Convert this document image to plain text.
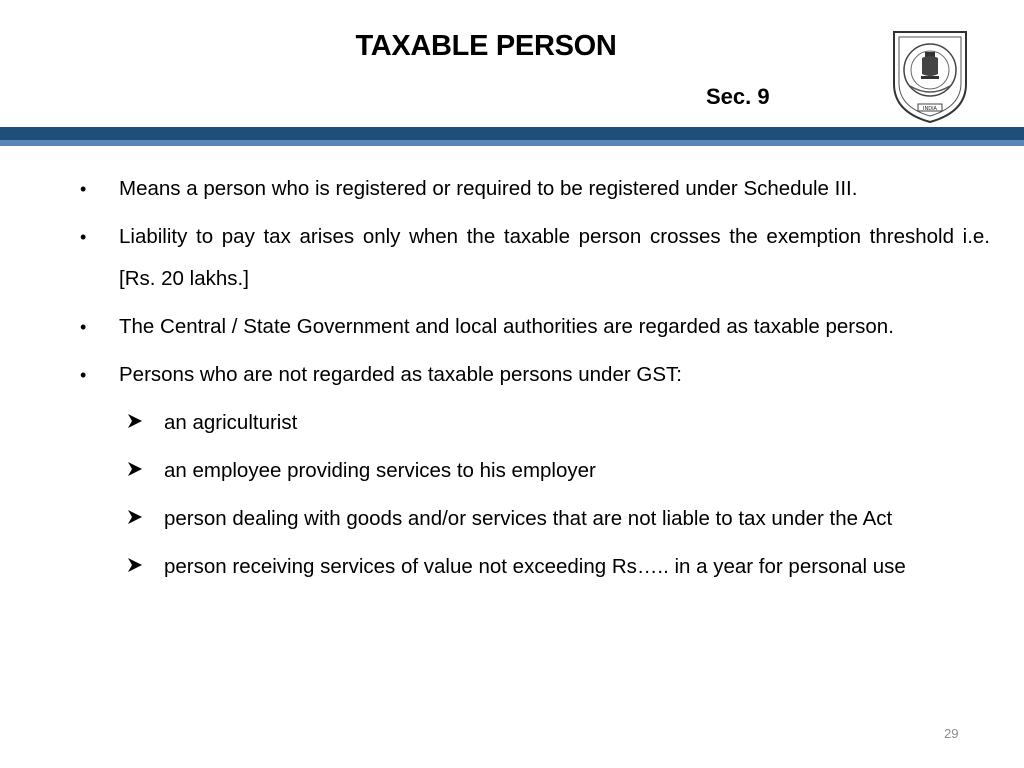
TAXABLE PERSON
Sec. 9	INDIA
• Means a person who is registered or required to be registered under Schedule III.
• Liability to pay tax arises only when the taxable person crosses the exemption threshold i.e. [Rs. 20 lakhs.]
• The Central / State Government and local authorities are regarded as taxable person.
• Persons who are not regarded as taxable persons under GST:
an agriculturist
an employee providing services to his employer
person dealing with goods and/or services that are not liable to tax under the Act
person receiving services of value not exceeding Rs….. in a year for personal use
29
